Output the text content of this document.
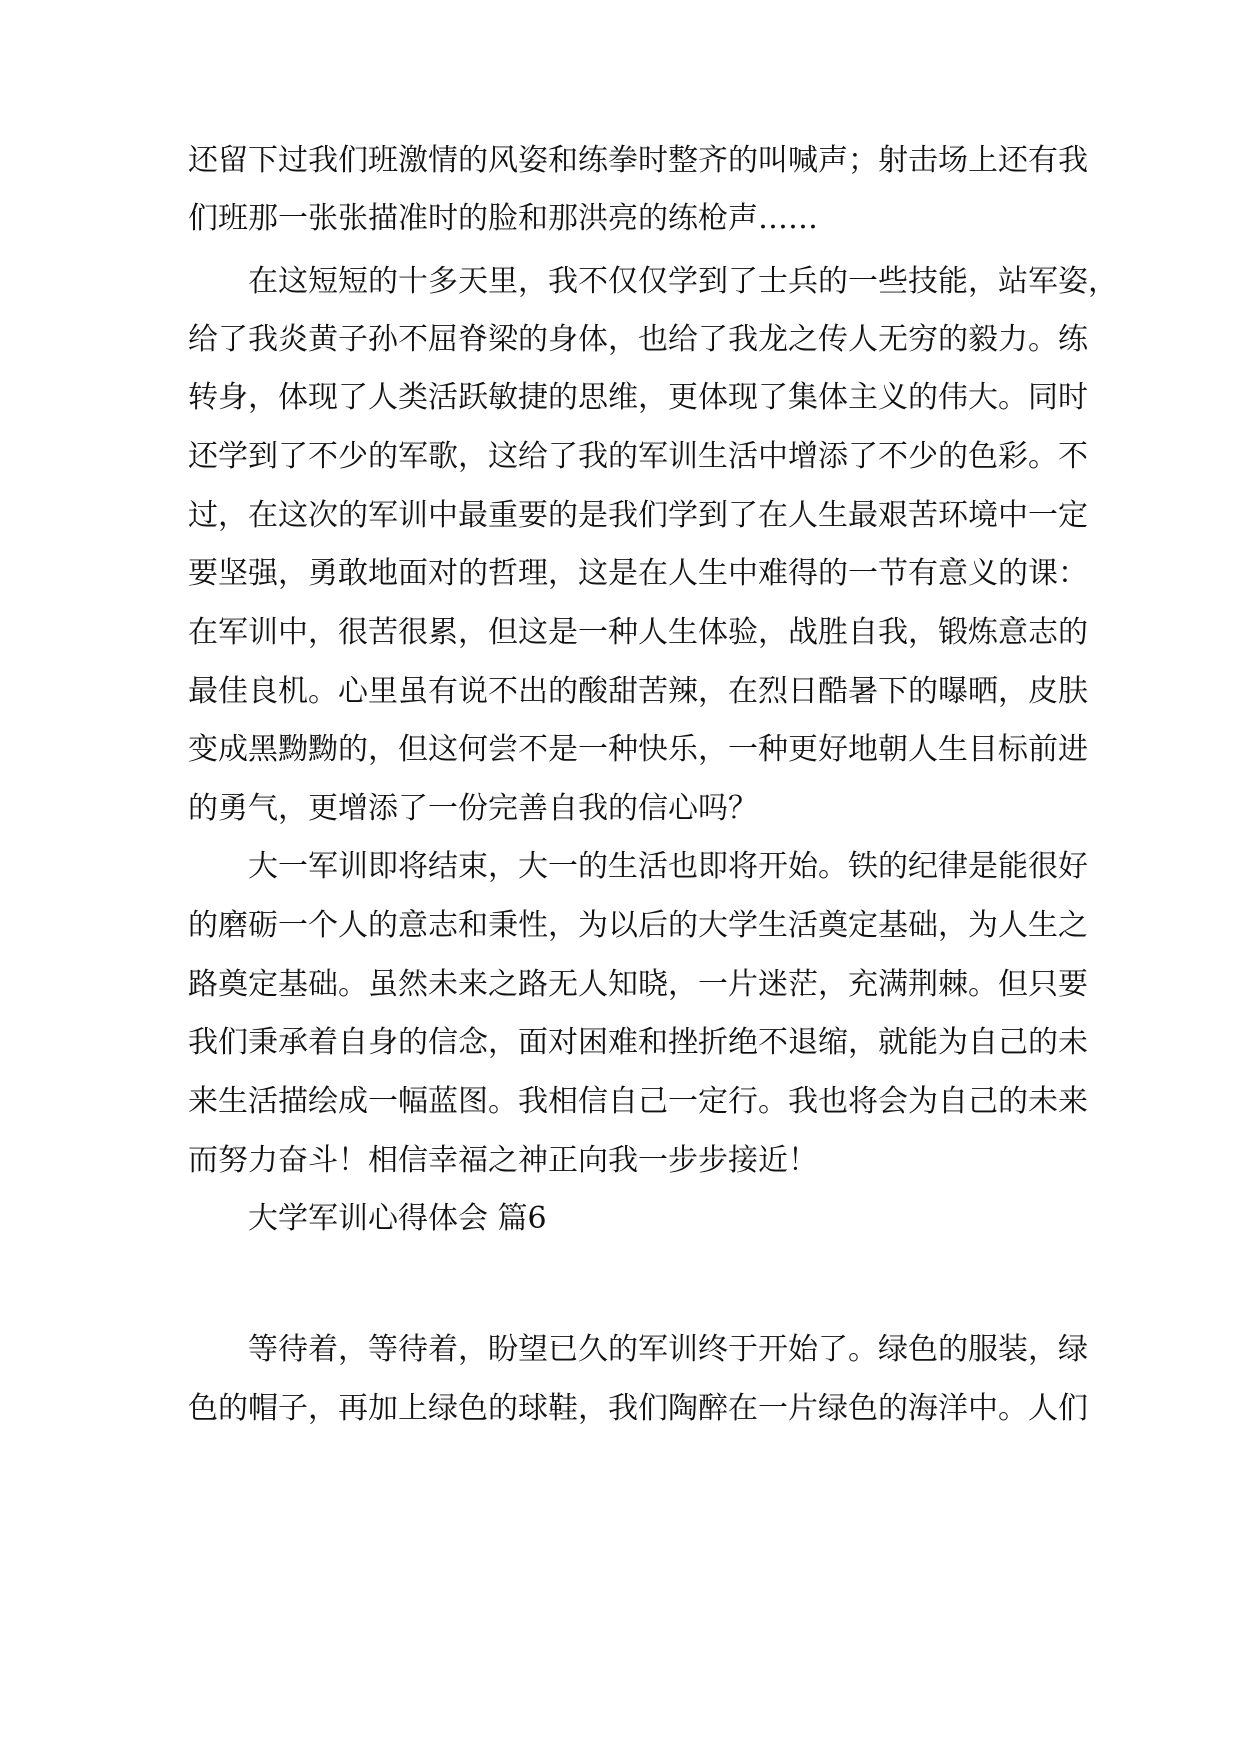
还留下过我们班激情的风姿和练拳时整齐的叫喊声；射击场上还有我
们班那一张张描准时的脸和那洪亮的练枪声……
在这短短的十多天里，我不仅仅学到了士兵的一些技能，站军姿，
给了我炎黄子孙不屈脊梁的身体，也给了我龙之传人无穷的毅力。练
转身，体现了人类活跃敏捷的思维，更体现了集体主义的伟大。同时
还学到了不少的军歌，这给了我的军训生活中增添了不少的色彩。不
过，在这次的军训中最重要的是我们学到了在人生最艰苦环境中一定
要坚强，勇敢地面对的哲理，这是在人生中难得的一节有意义的课：
在军训中，很苦很累，但这是一种人生体验，战胜自我，锻炼意志的
最佳良机。心里虽有说不出的酸甜苦辣，在烈日酷暑下的曝晒，皮肤
变成黑黝黝的，但这何尝不是一种快乐，一种更好地朝人生目标前进
的勇气，更增添了一份完善自我的信心吗？
大一军训即将结束，大一的生活也即将开始。铁的纪律是能很好
的磨砺一个人的意志和秉性，为以后的大学生活奠定基础，为人生之
路奠定基础。虽然未来之路无人知晓，一片迷茫，充满荆棘。但只要
我们秉承着自身的信念，面对困难和挫折绝不退缩，就能为自己的未
来生活描绘成一幅蓝图。我相信自己一定行。我也将会为自己的未来
而努力奋斗！相信幸福之神正向我一步步接近！
大学军训心得体会 篇6
等待着，等待着，盼望已久的军训终于开始了。绿色的服装，绿
色的帽子，再加上绿色的球鞋，我们陶醉在一片绿色的海洋中。人们
